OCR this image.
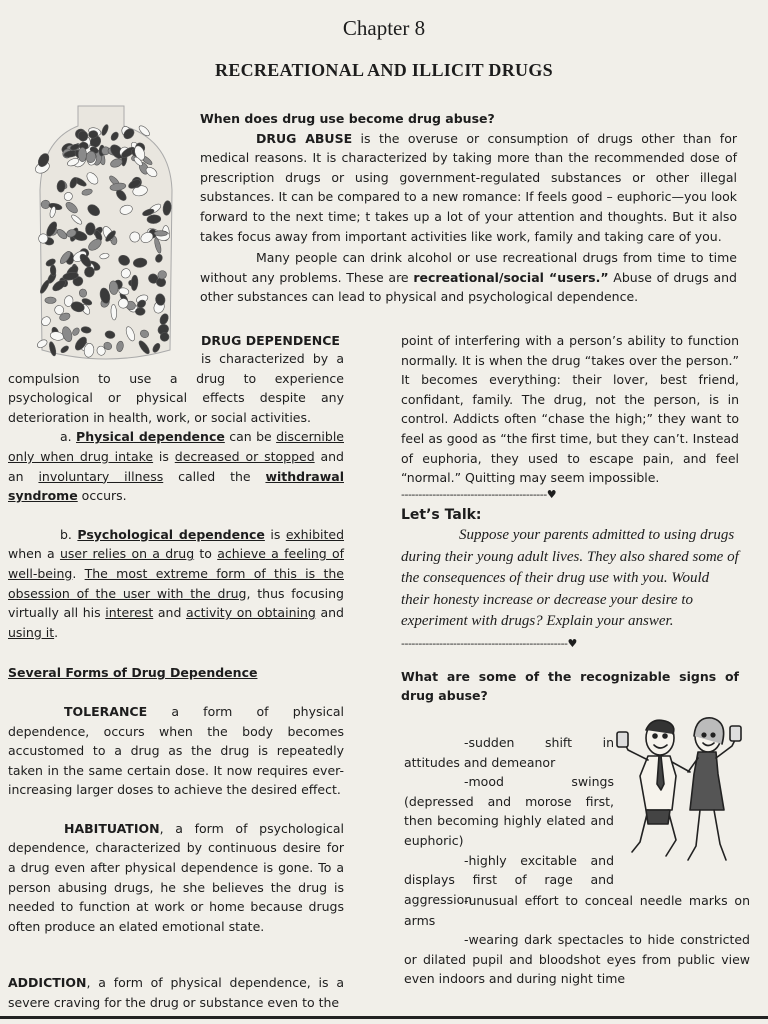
Chapter 8
RECREATIONAL AND ILLICIT DRUGS

When does drug use become drug abuse?

DRUG ABUSE is the overuse or consumption of drugs other than for medical reasons. It is characterized by taking more than the recommended dose of prescription drugs or using government-regulated substances or other illegal substances. It can be compared to a new romance: If feels good – euphoric—you look forward to the next time; t takes up a lot of your attention and thoughts. But it also takes focus away from important activities like work, family and taking care of you.

Many people can drink alcohol or use recreational drugs from time to time without any problems. These are recreational/social “users.” Abuse of drugs and other substances can lead to physical and psychological dependence.

DRUG DEPENDENCE

is characterized by a compulsion to use a drug to experience psychological or physical effects despite any deterioration in health, work, or social activities.

a. Physical dependence can be discernible only when drug intake is decreased or stopped and an involuntary illness called the withdrawal syndrome occurs.

b. Psychological dependence is exhibited when a user relies on a drug to achieve a feeling of well-being. The most extreme form of this is the obsession of the user with the drug, thus focusing virtually all his interest and activity on obtaining and using it.

Several Forms of Drug Dependence

TOLERANCE a form of physical dependence, occurs when the body becomes accustomed to a drug as the drug is repeatedly taken in the same certain dose. It now requires ever-increasing larger doses to achieve the desired effect.

HABITUATION, a form of psychological dependence, characterized by continuous desire for a drug even after physical dependence is gone. To a person abusing drugs, he she believes the drug is needed to function at work or home because drugs often produce an elated emotional state.

ADDICTION, a form of physical dependence, is a severe craving for the drug or substance even to the

point of interfering with a person’s ability to function normally. It is when the drug “takes over the person.” It becomes everything: their lover, best friend, confidant, family. The drug, not the person, is in control. Addicts often “chase the high;” they want to feel as good as “the first time, but they can’t. Instead of euphoria, they used to escape pain, and feel “normal.” Quitting may seem impossible.

------------------------------------------♥

Let’s Talk:

Suppose your parents admitted to using drugs during their young adult lives. They also shared some of the consequences of their drug use with you. Would their honesty increase or decrease your desire to experiment with drugs? Explain your answer.

------------------------------------------------♥

What are some of the recognizable signs of drug abuse?

-sudden shift in attitudes and demeanor

-mood swings (depressed and morose first, then becoming highly elated and euphoric)

-highly excitable and displays first of rage and aggression

-unusual effort to conceal needle marks on arms

-wearing dark spectacles to hide constricted or dilated pupil and bloodshot eyes from public view even indoors and during night time
